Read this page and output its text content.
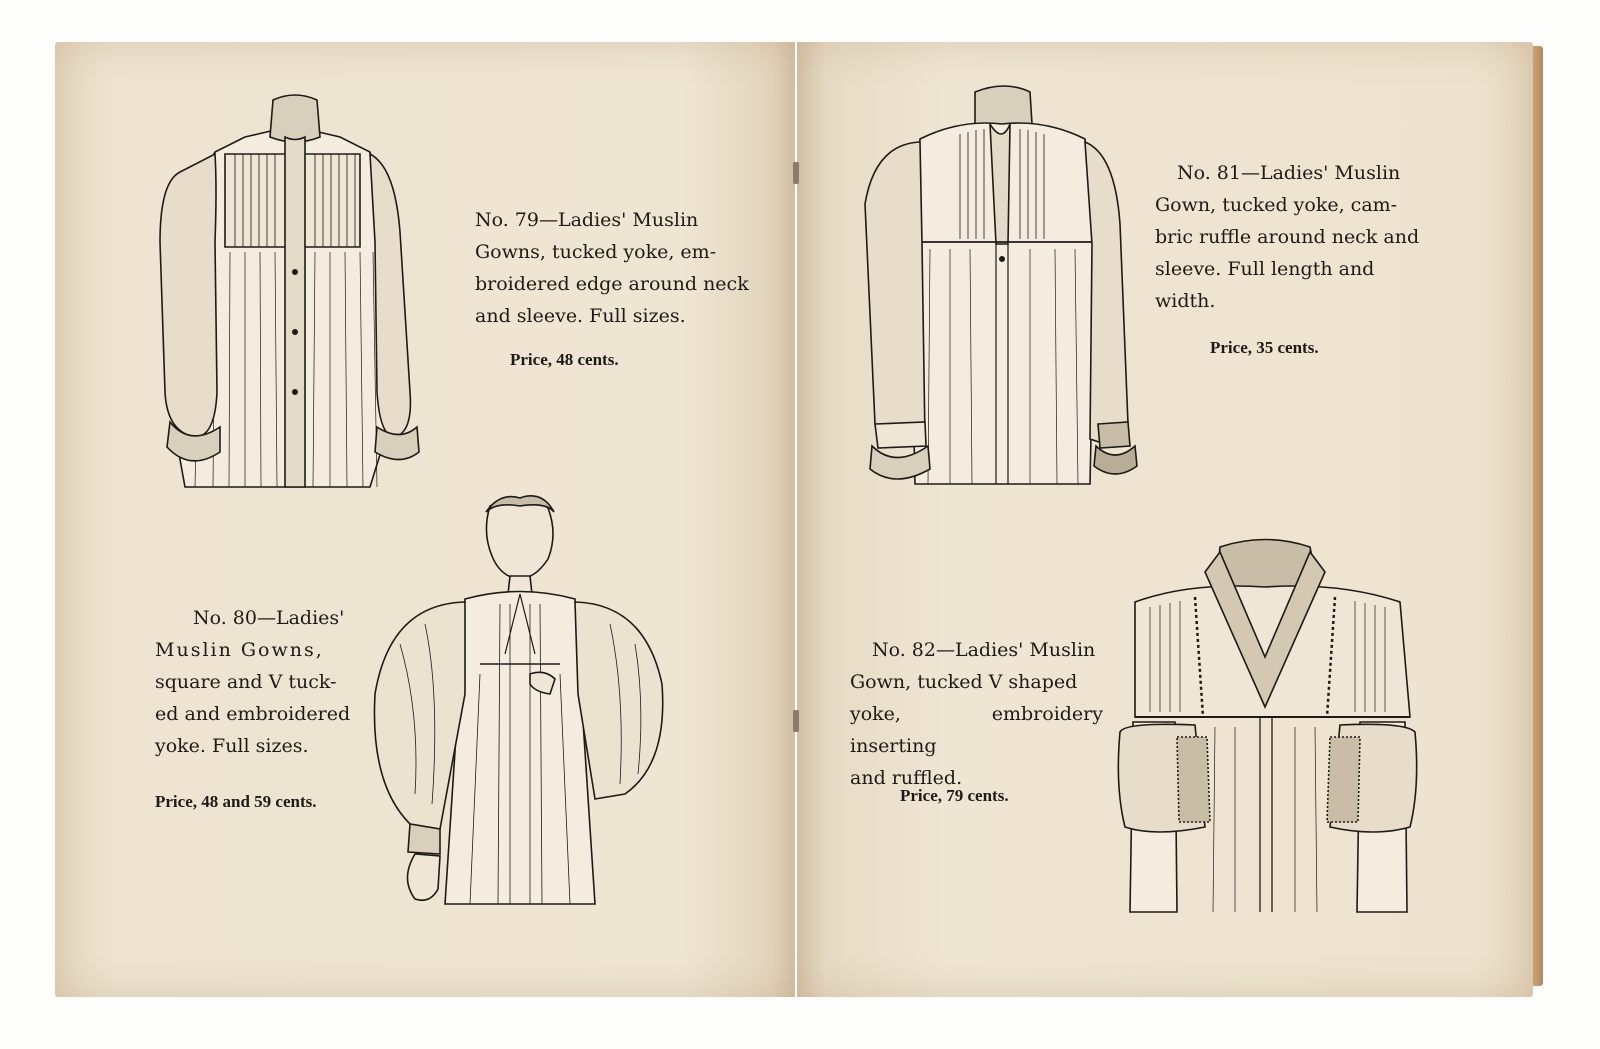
No. 79—Ladies' Muslin
Gowns, tucked yoke, em-
broidered edge around neck
and sleeve. Full sizes.
Price, 48 cents.
No. 80—Ladies'
Muslin Gowns,
square and V tuck-
ed and embroidered
yoke. Full sizes.
Price, 48 and 59 cents.
No. 81—Ladies' Muslin
Gown, tucked yoke, cam-
bric ruffle around neck and
sleeve. Full length and
width.
Price, 35 cents.
No. 82—Ladies' Muslin
Gown, tucked V shaped
yoke, embroidery inserting
and ruffled.
Price, 79 cents.
